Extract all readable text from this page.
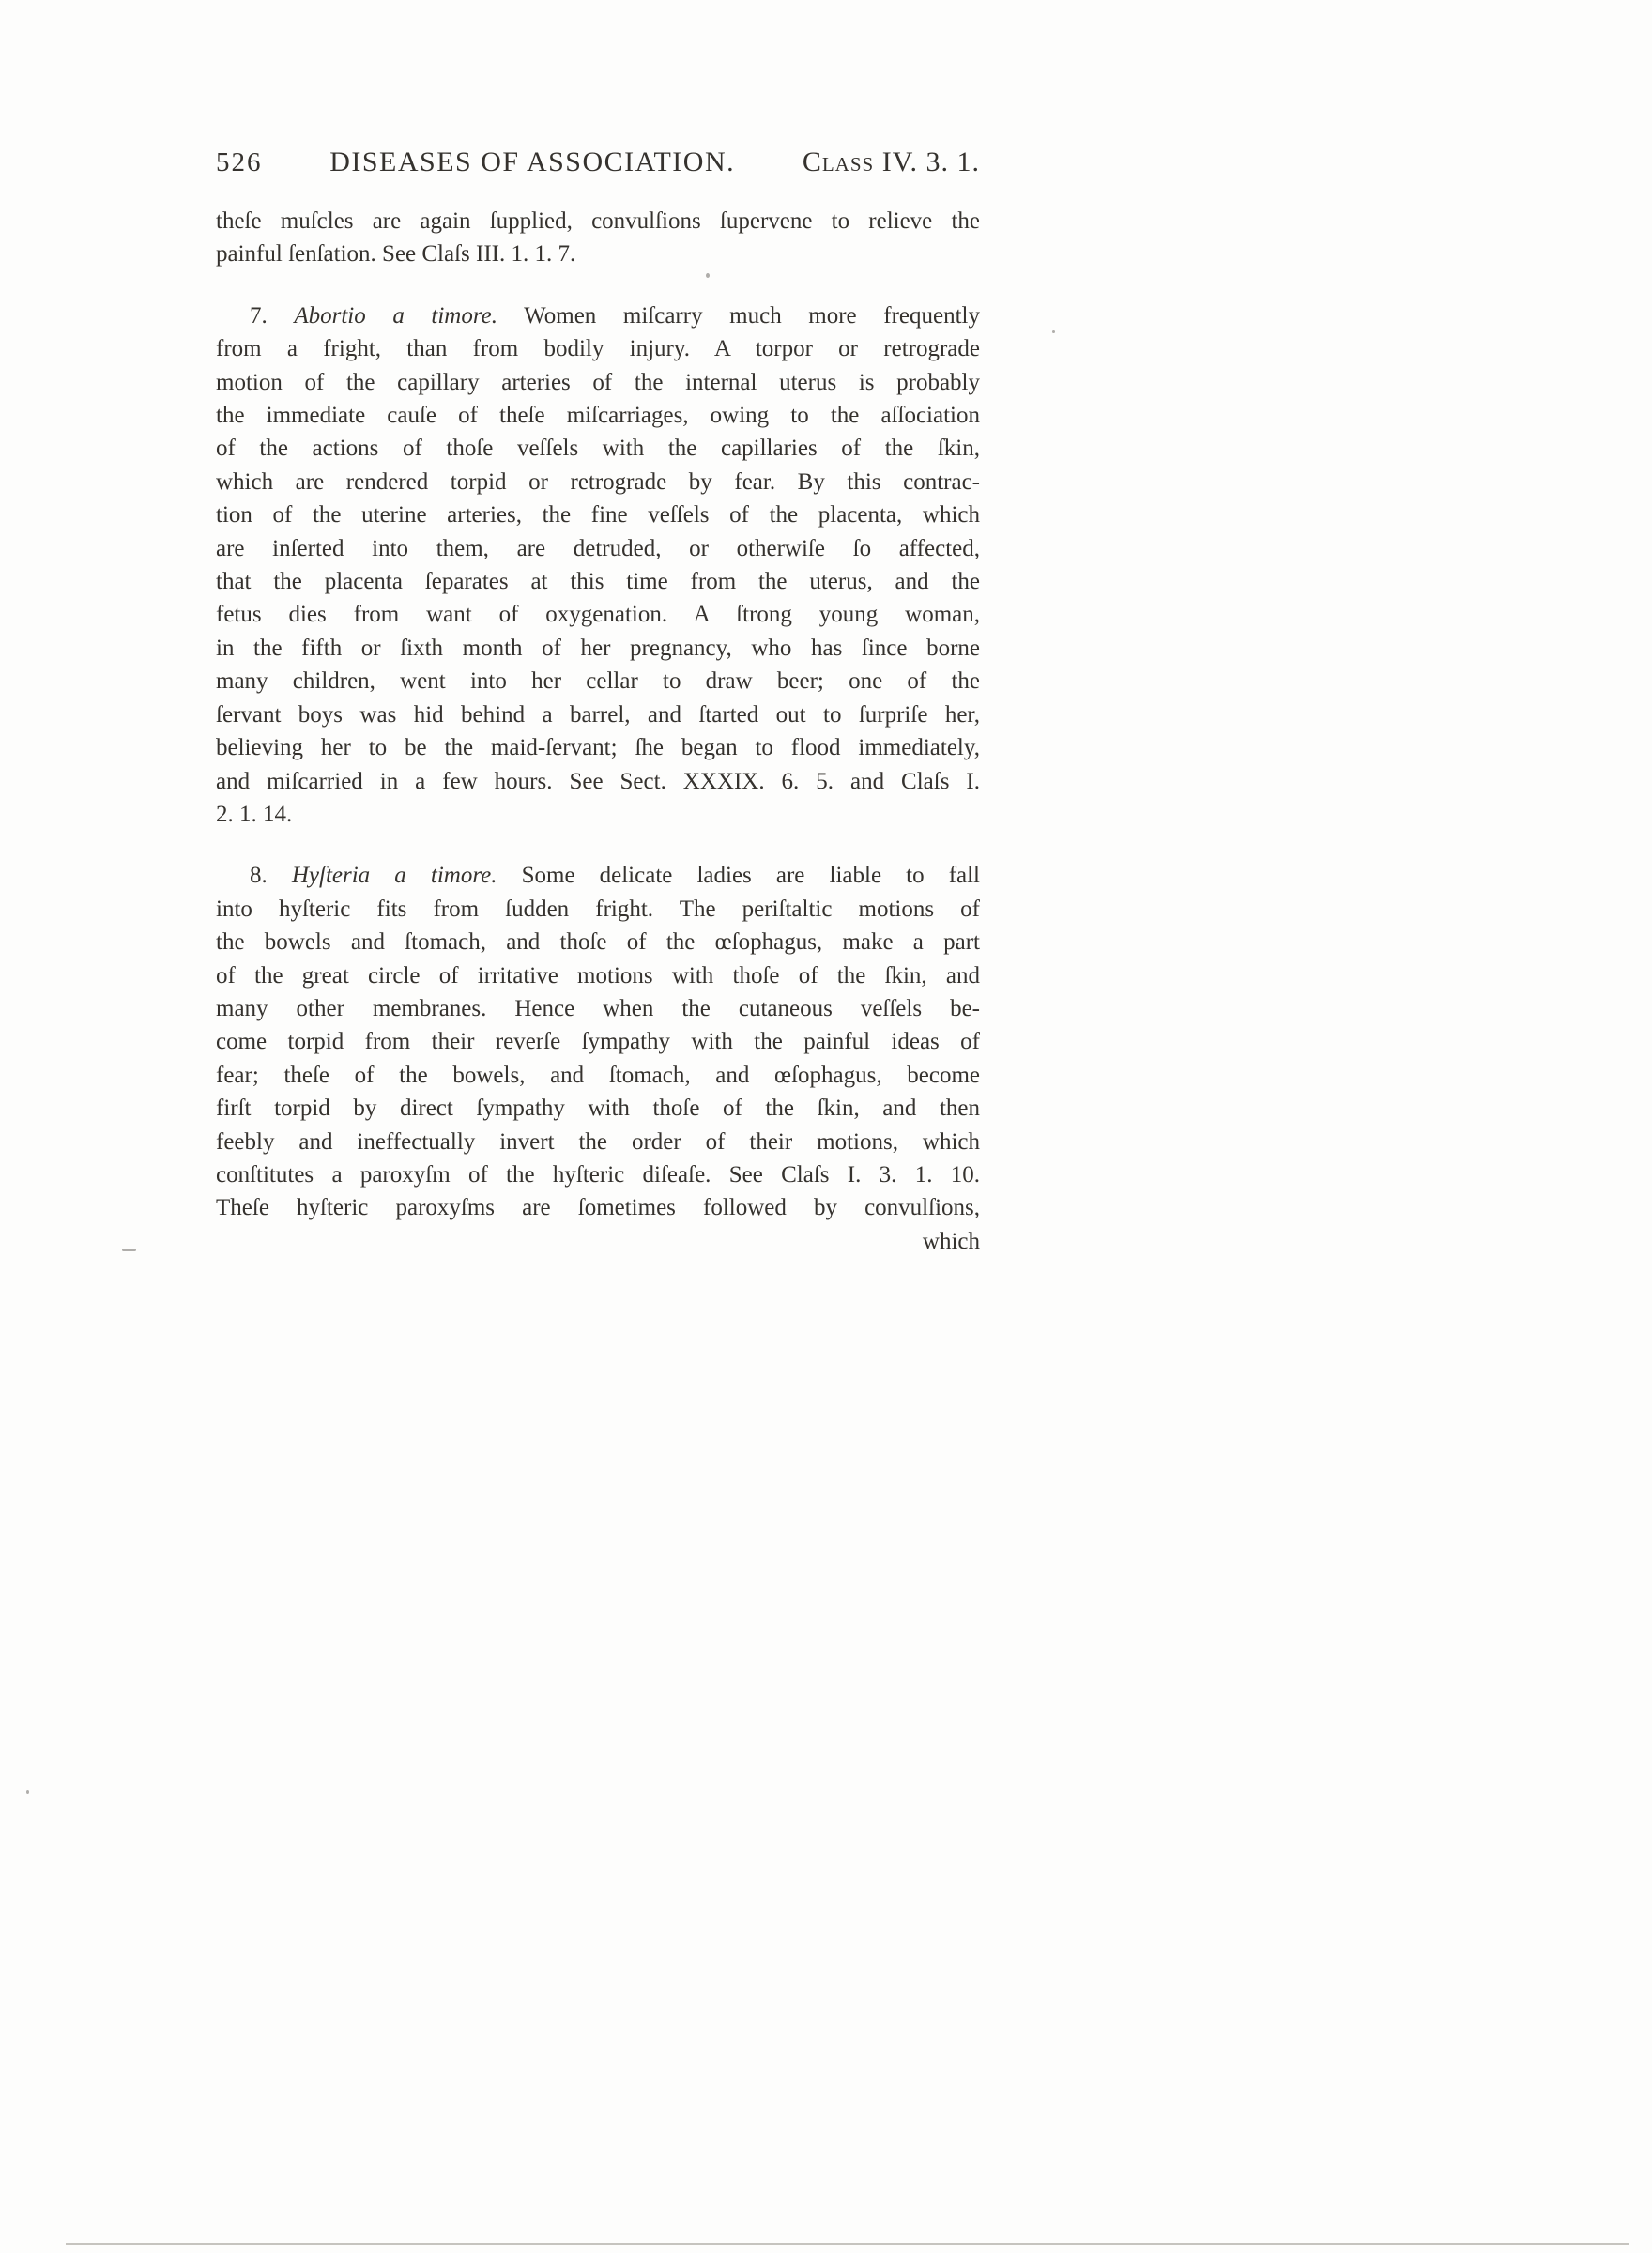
526	DISEASES OF ASSOCIATION.	Class IV. 3. 1.
theſe muſcles are again ſupplied, convulſions ſupervene to relieve the
painful ſenſation. See Claſs III. 1. 1. 7.
7. Abortio a timore. Women miſcarry much more frequently
from a fright, than from bodily injury. A torpor or retrograde
motion of the capillary arteries of the internal uterus is probably
the immediate cauſe of theſe miſcarriages, owing to the aſſociation
of the actions of thoſe veſſels with the capillaries of the ſkin,
which are rendered torpid or retrograde by fear. By this contrac-
tion of the uterine arteries, the fine veſſels of the placenta, which
are inſerted into them, are detruded, or otherwiſe ſo affected,
that the placenta ſeparates at this time from the uterus, and the
fetus dies from want of oxygenation. A ſtrong young woman,
in the fifth or ſixth month of her pregnancy, who has ſince borne
many children, went into her cellar to draw beer; one of the
ſervant boys was hid behind a barrel, and ſtarted out to ſurpriſe her,
believing her to be the maid-ſervant; ſhe began to flood immediately,
and miſcarried in a few hours. See Sect. XXXIX. 6. 5. and Claſs I.
2. 1. 14.
8. Hyſteria a timore. Some delicate ladies are liable to fall
into hyſteric fits from ſudden fright. The periſtaltic motions of
the bowels and ſtomach, and thoſe of the œſophagus, make a part
of the great circle of irritative motions with thoſe of the ſkin, and
many other membranes. Hence when the cutaneous veſſels be-
come torpid from their reverſe ſympathy with the painful ideas of
fear; theſe of the bowels, and ſtomach, and œſophagus, become
firſt torpid by direct ſympathy with thoſe of the ſkin, and then
feebly and ineffectually invert the order of their motions, which
conſtitutes a paroxyſm of the hyſteric diſeaſe. See Claſs I. 3. 1. 10.
Theſe hyſteric paroxyſms are ſometimes followed by convulſions,
which
